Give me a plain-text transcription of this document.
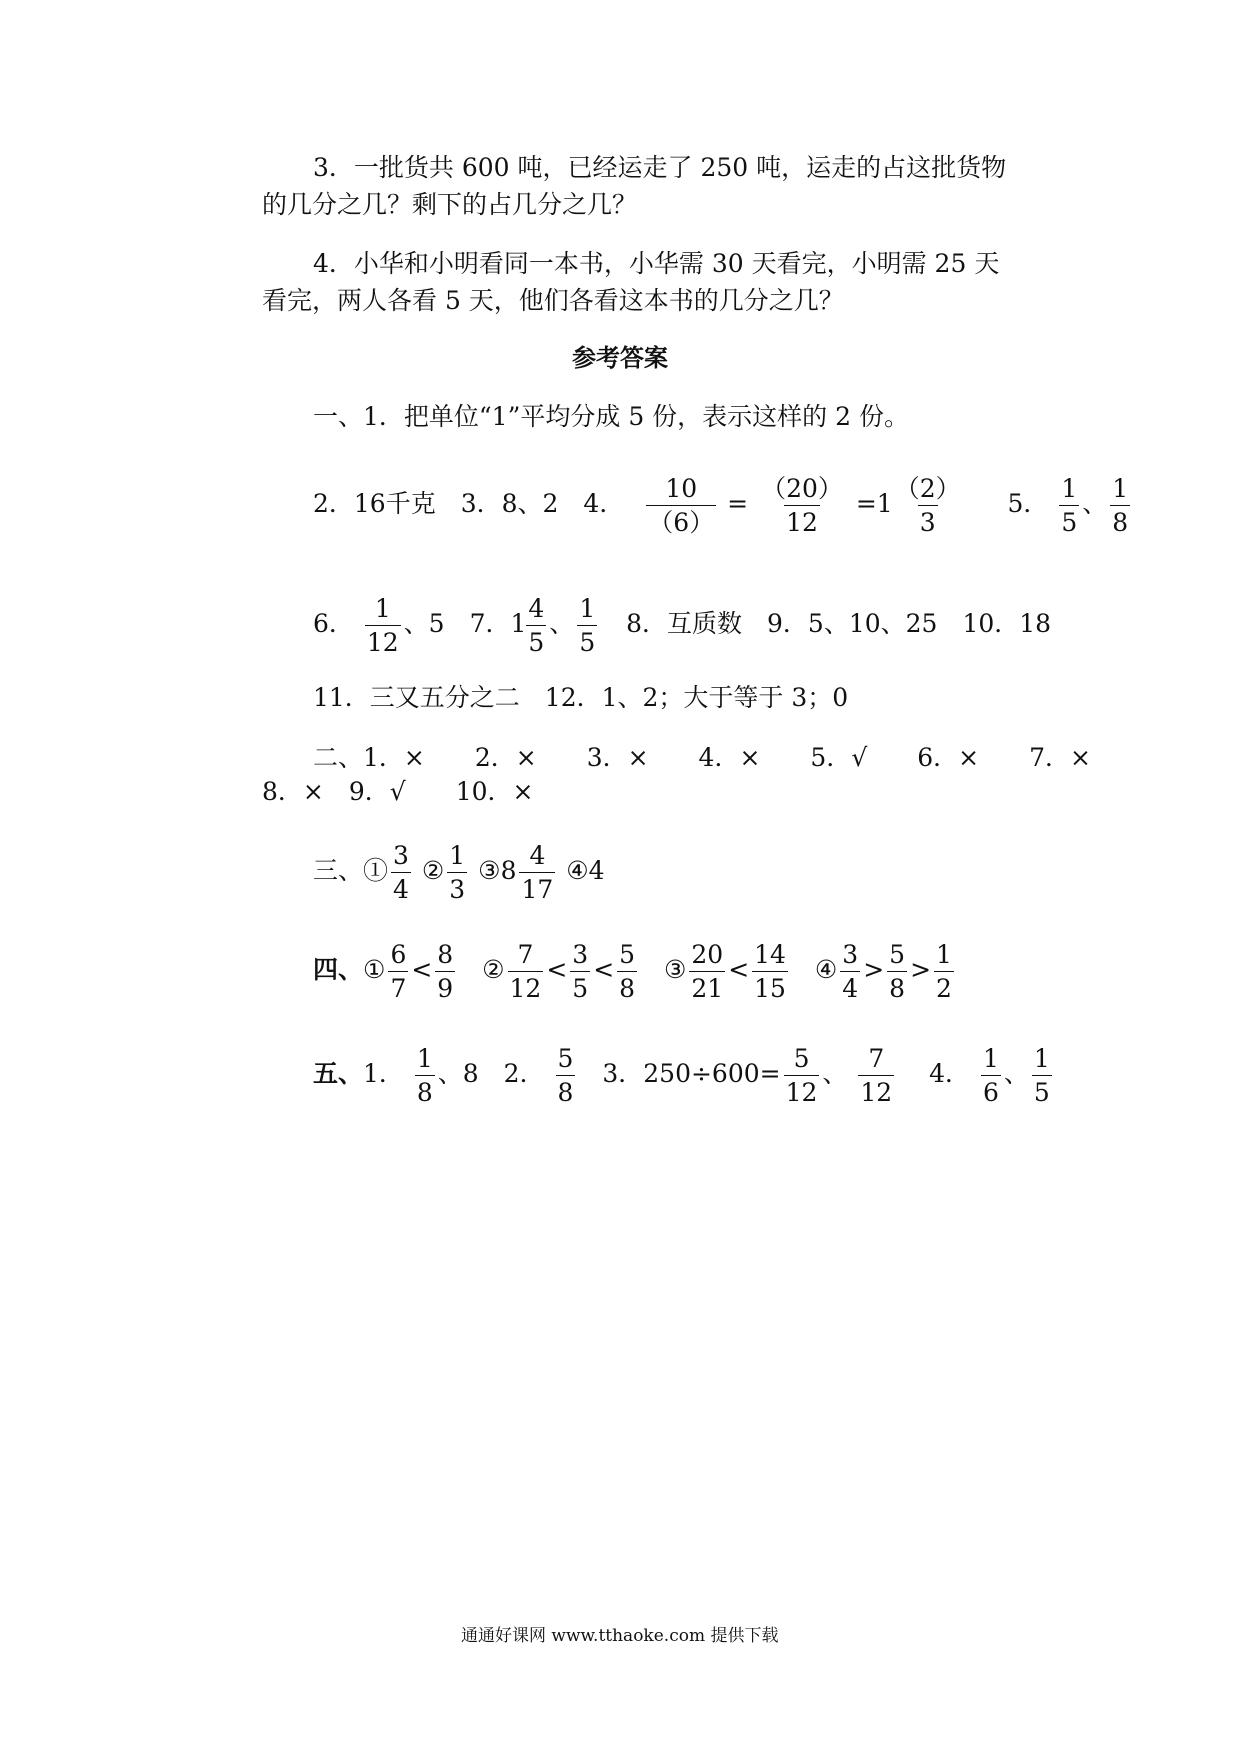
3．一批货共 600 吨，已经运走了 250 吨，运走的占这批货物
的几分之几？剩下的占几分之几？
4．小华和小明看同一本书，小华需 30 天看完，小明需 25 天
看完，两人各看 5 天，他们各看这本书的几分之几？
参考答案
一、1．把单位“1”平均分成 5 份，表示这样的 2 份。
2．16千克　3．8、2　4． $\frac{10}{(6)} = \frac{(20)}{12} =1 \frac{(2)}{3} 5$． $\frac{1}{5}$ 、 $\frac{1}{8}$
6． $\frac{1}{12}$ 、5　7．$1 \frac{4}{5}$ 、 $\frac{1}{5} 8$．互质数　9．5、10、25　10．18
11．三又五分之二　12．1、2；大于等于 3；0
二、1．×　　2．×　　3．×　　4．×　　5．√　　6．×　　7．×
8．×　9．√　　10．×
三、① $\frac{3}{4}$ ② $\frac{1}{3}$ ③8 $\frac{4}{17}$ ④4
四、① $\frac{6}{7} < \frac{8}{9}$ ② $\frac{7}{12} < \frac{3}{5} < \frac{5}{8}$ ③ $\frac{20}{21} < \frac{14}{15}$ ④ $\frac{3}{4} > \frac{5}{8} > \frac{1}{2}$
五、1． $\frac{1}{8}$ 、8　2． $\frac{5}{8} 3$．$250\div 600= \frac{5}{12}$ 、 $\frac{7}{12} 4$． $\frac{1}{6}$ 、 $\frac{1}{5}$
通通好课网 www.tthaoke.com 提供下载
